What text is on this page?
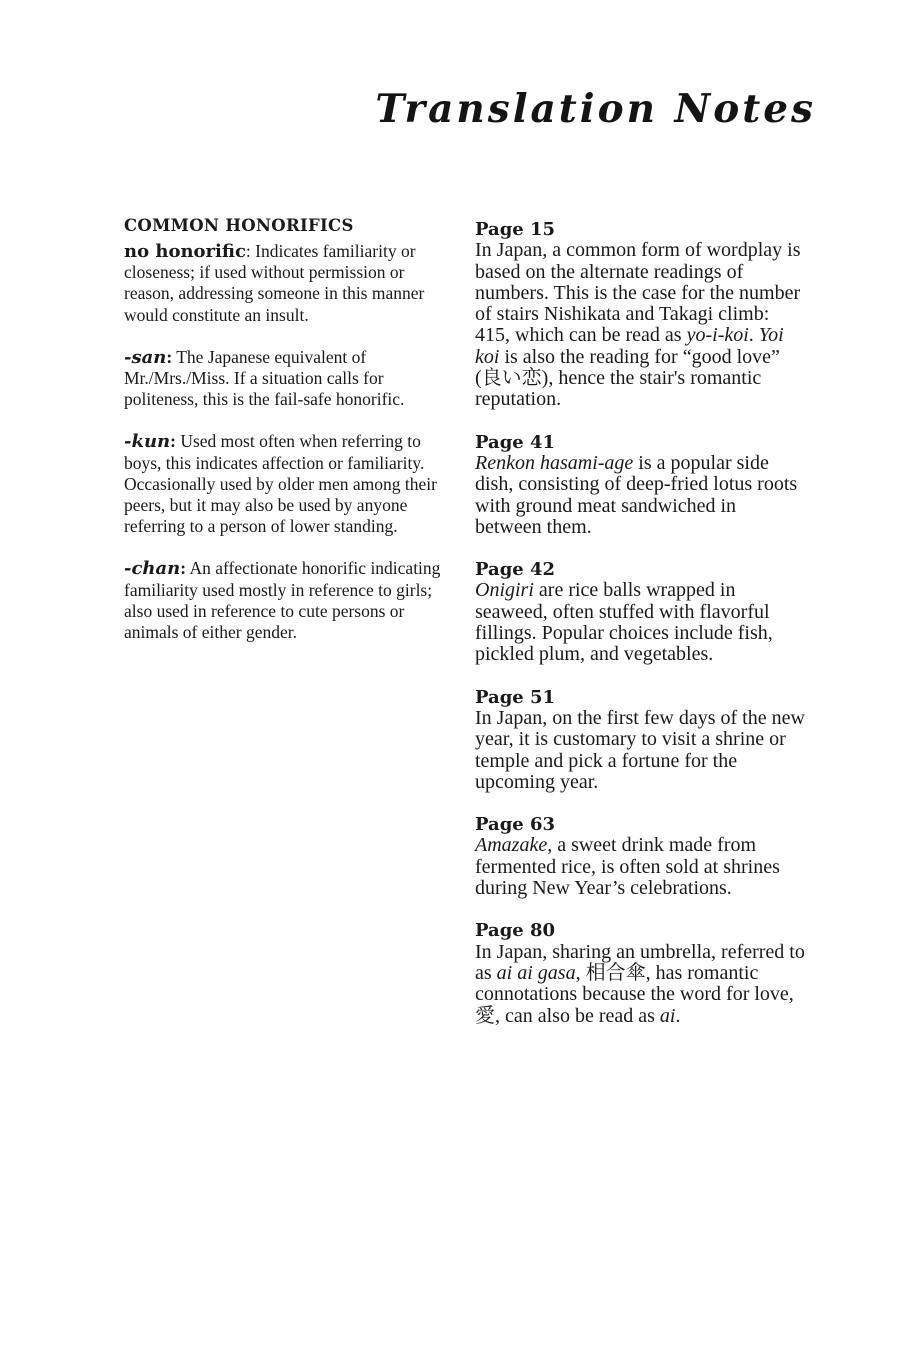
Translation Notes
COMMON HONORIFICS

no honorific: Indicates familiarity or closeness; if used without permission or reason, addressing someone in this manner would constitute an insult.

-san: The Japanese equivalent of Mr./Mrs./Miss. If a situation calls for politeness, this is the fail-safe honorific.

-kun: Used most often when referring to boys, this indicates affection or familiarity. Occasionally used by older men among their peers, but it may also be used by anyone referring to a person of lower standing.

-chan: An affectionate honorific indicating familiarity used mostly in reference to girls; also used in reference to cute persons or animals of either gender.

Page 15
In Japan, a common form of wordplay is based on the alternate readings of numbers. This is the case for the number of stairs Nishikata and Takagi climb: 415, which can be read as yo-i-koi. Yoi koi is also the reading for “good love” (良い恋), hence the stair's romantic reputation.

Page 41
Renkon hasami-age is a popular side dish, consisting of deep-fried lotus roots with ground meat sandwiched in between them.

Page 42
Onigiri are rice balls wrapped in seaweed, often stuffed with flavorful fillings. Popular choices include fish, pickled plum, and vegetables.

Page 51
In Japan, on the first few days of the new year, it is customary to visit a shrine or temple and pick a fortune for the upcoming year.

Page 63
Amazake, a sweet drink made from fermented rice, is often sold at shrines during New Year’s celebrations.

Page 80
In Japan, sharing an umbrella, referred to as ai ai gasa, 相合傘, has romantic connotations because the word for love, 愛, can also be read as ai.
